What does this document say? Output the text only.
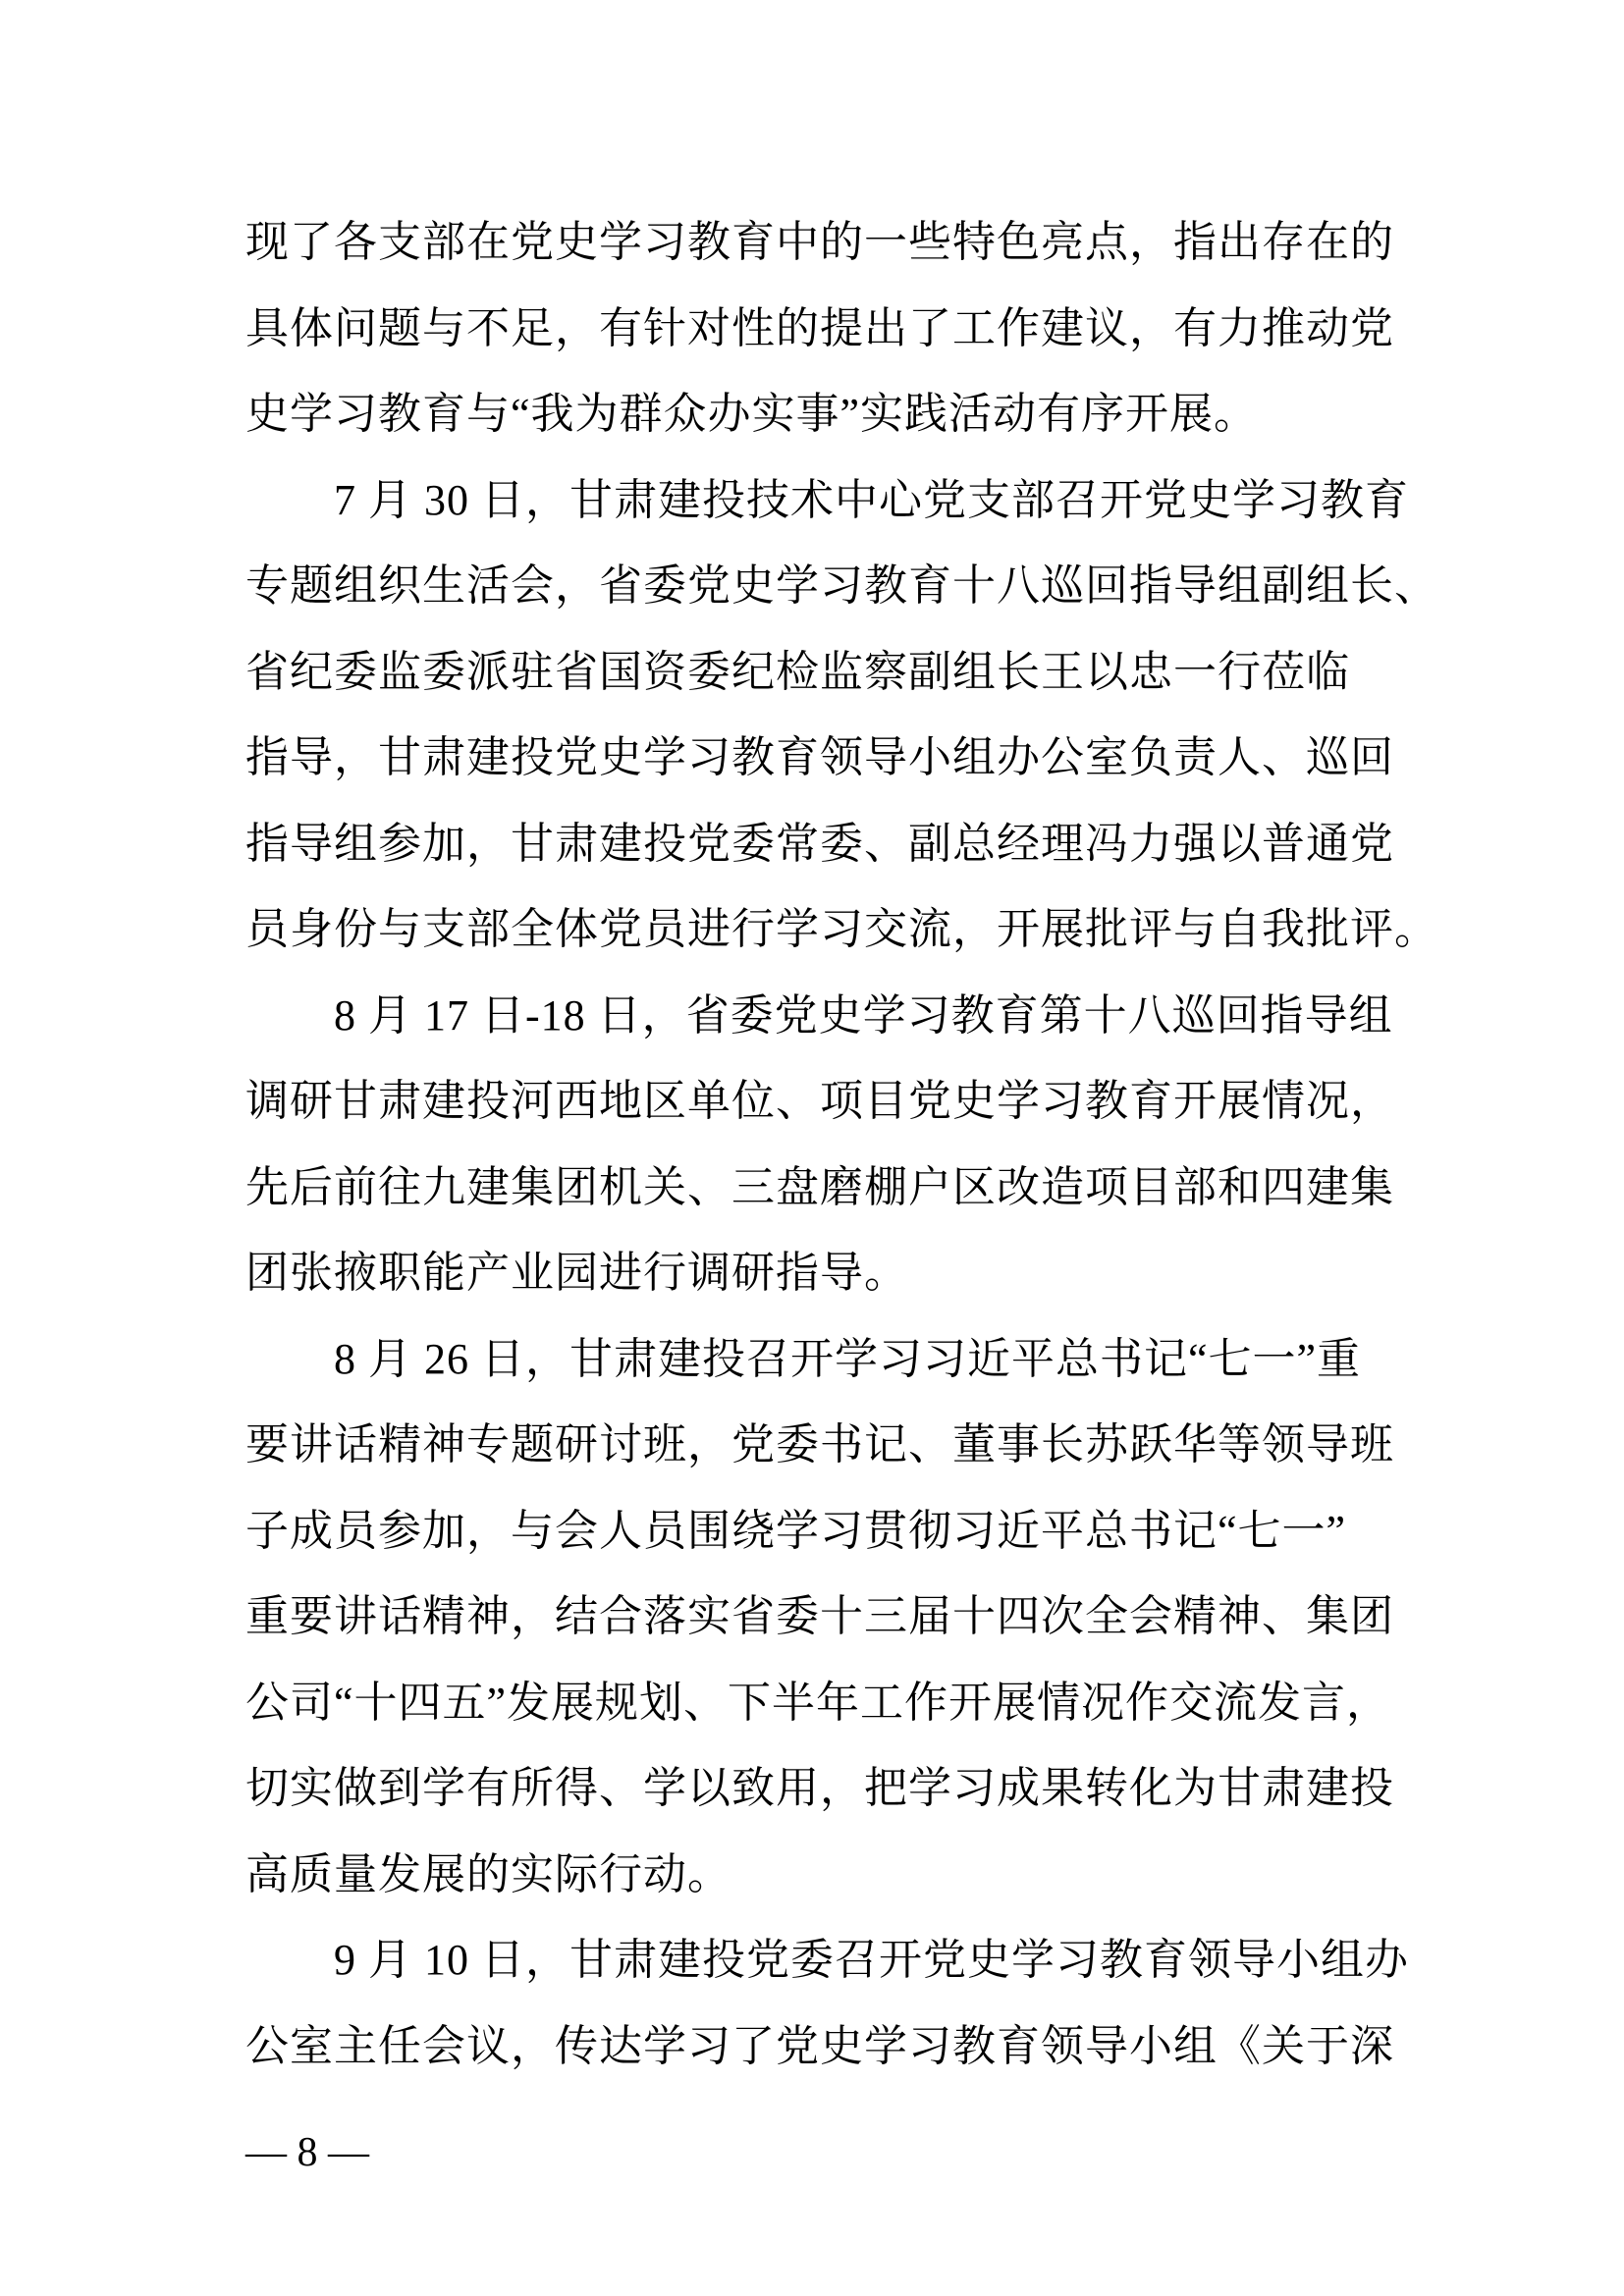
现了各支部在党史学习教育中的一些特色亮点，指出存在的
具体问题与不足，有针对性的提出了工作建议，有力推动党
史学习教育与“我为群众办实事”实践活动有序开展。
　　7 月 30 日，甘肃建投技术中心党支部召开党史学习教育
专题组织生活会，省委党史学习教育十八巡回指导组副组长、
省纪委监委派驻省国资委纪检监察副组长王以忠一行莅临
指导，甘肃建投党史学习教育领导小组办公室负责人、巡回
指导组参加，甘肃建投党委常委、副总经理冯力强以普通党
员身份与支部全体党员进行学习交流，开展批评与自我批评。
　　8 月 17 日-18 日，省委党史学习教育第十八巡回指导组
调研甘肃建投河西地区单位、项目党史学习教育开展情况，
先后前往九建集团机关、三盘磨棚户区改造项目部和四建集
团张掖职能产业园进行调研指导。
　　8 月 26 日，甘肃建投召开学习习近平总书记“七一”重
要讲话精神专题研讨班，党委书记、董事长苏跃华等领导班
子成员参加，与会人员围绕学习贯彻习近平总书记“七一”
重要讲话精神，结合落实省委十三届十四次全会精神、集团
公司“十四五”发展规划、下半年工作开展情况作交流发言，
切实做到学有所得、学以致用，把学习成果转化为甘肃建投
高质量发展的实际行动。
　　9 月 10 日，甘肃建投党委召开党史学习教育领导小组办
公室主任会议，传达学习了党史学习教育领导小组《关于深
— 8 —
